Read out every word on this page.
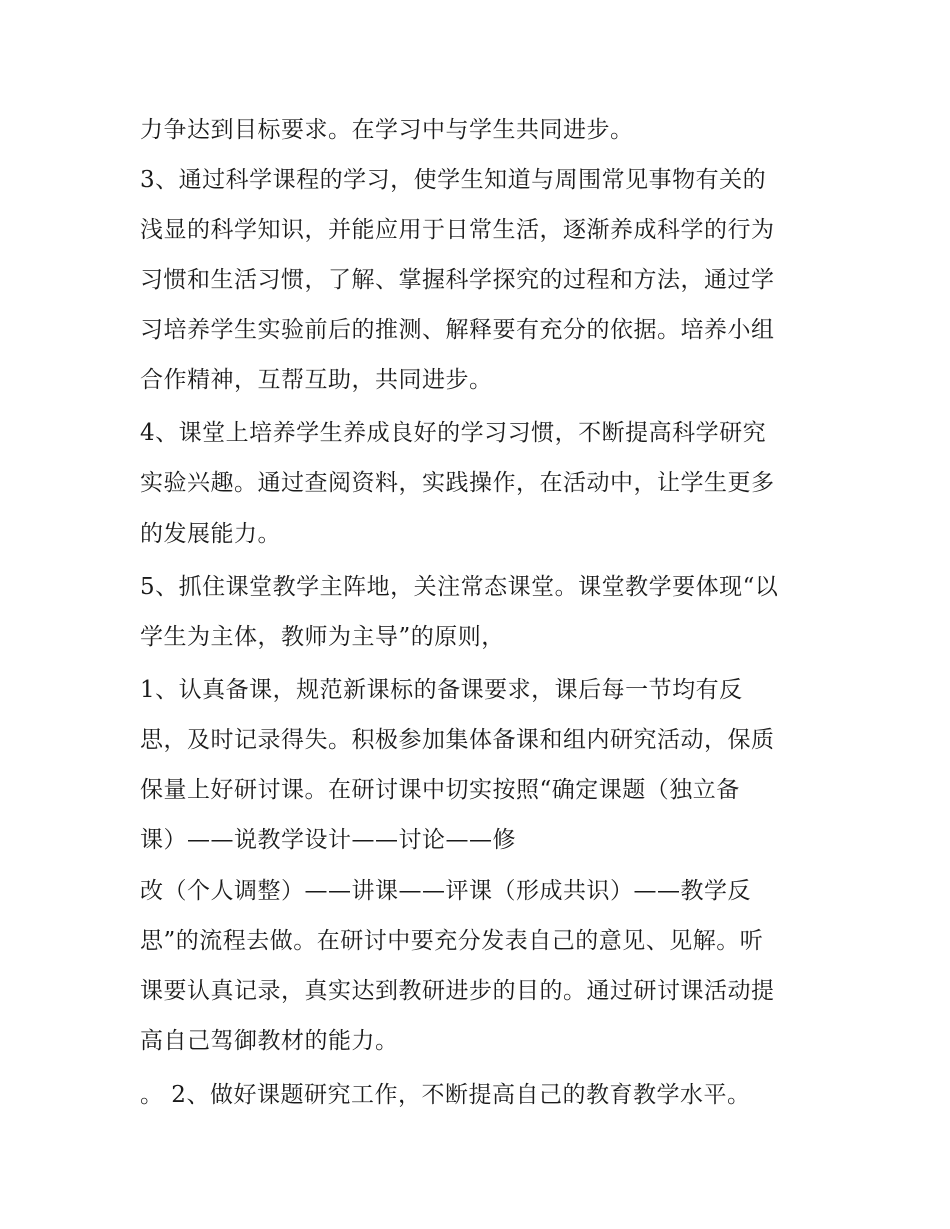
力争达到目标要求。在学习中与学生共同进步。

3、通过科学课程的学习，使学生知道与周围常见事物有关的

浅显的科学知识，并能应用于日常生活，逐渐养成科学的行为

习惯和生活习惯，了解、掌握科学探究的过程和方法，通过学

习培养学生实验前后的推测、解释要有充分的依据。培养小组

合作精神，互帮互助，共同进步。

4、课堂上培养学生养成良好的学习习惯，不断提高科学研究

实验兴趣。通过查阅资料，实践操作，在活动中，让学生更多

的发展能力。

5、抓住课堂教学主阵地，关注常态课堂。课堂教学要体现“以

学生为主体，教师为主导”的原则，

1、认真备课，规范新课标的备课要求，课后每一节均有反

思，及时记录得失。积极参加集体备课和组内研究活动，保质

保量上好研讨课。在研讨课中切实按照“确定课题（独立备

课）——说教学设计——讨论——修

改（个人调整）——讲课——评课（形成共识）——教学反

思”的流程去做。在研讨中要充分发表自己的意见、见解。听

课要认真记录，真实达到教研进步的目的。通过研讨课活动提

高自己驾御教材的能力。

。 2、做好课题研究工作，不断提高自己的教育教学水平。
